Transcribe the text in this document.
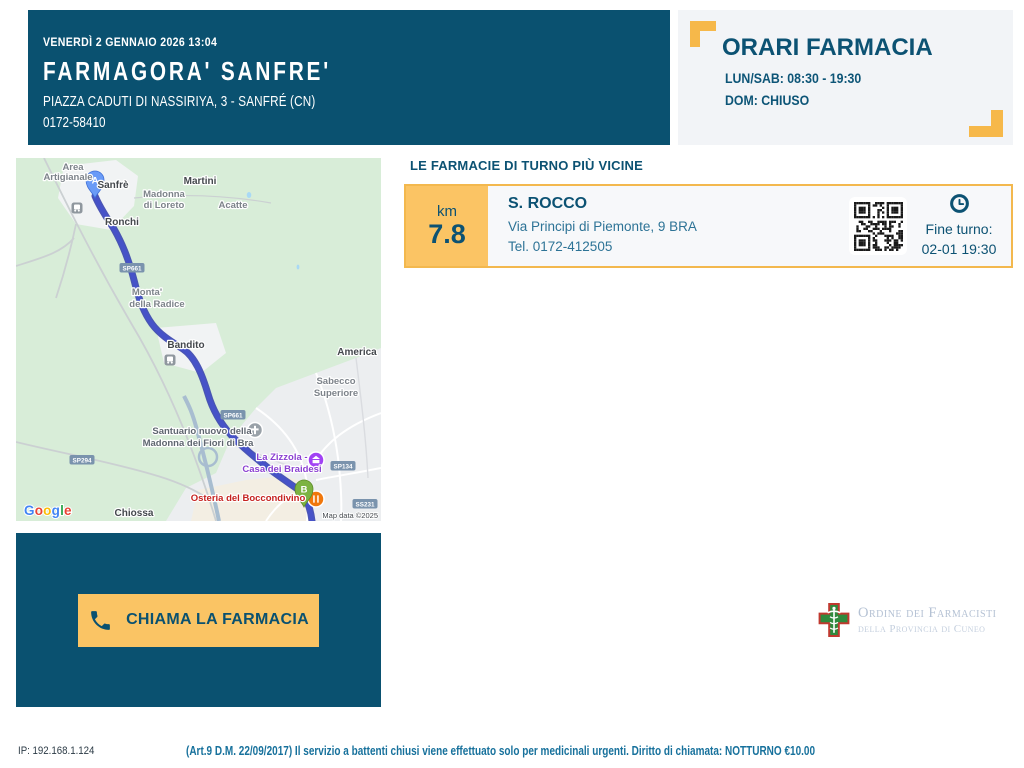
VENERDÌ 2 GENNAIO 2026 13:04
FARMAGORA' SANFRE'
PIAZZA CADUTI DI NASSIRIYA, 3 - SANFRÉ (CN)
0172-58410
ORARI FARMACIA
LUN/SAB: 08:30 - 19:30
DOM: CHIUSO
SP661
SP661
SP294
SP134
SS231
A
B
Area
Artigianale
Sanfrè	Martini
Madonna
di Loreto	Acatte
Ronchi
Monta'
della Radice
Bandito
America
Sabecco
Superiore
Santuario nuovo della
Madonna dei Fiori di Bra
La Zizzola -
Casa dei Braidesi
Osteria del Boccondivino
Chiossa
Google	Map data ©2025
LE FARMACIE DI TURNO PIÙ VICINE
km
7.8
S. ROCCO
Via Principi di Piemonte, 9 BRA
Tel. 0172-412505
Fine turno:
02-01 19:30
CHIAMA LA FARMACIA	Ordine dei Farmacisti
della Provincia di Cuneo
IP: 192.168.1.124	(Art.9 D.M. 22/09/2017) Il servizio a battenti chiusi viene effettuato solo per medicinali urgenti. Diritto di chiamata: NOTTURNO €10.00
